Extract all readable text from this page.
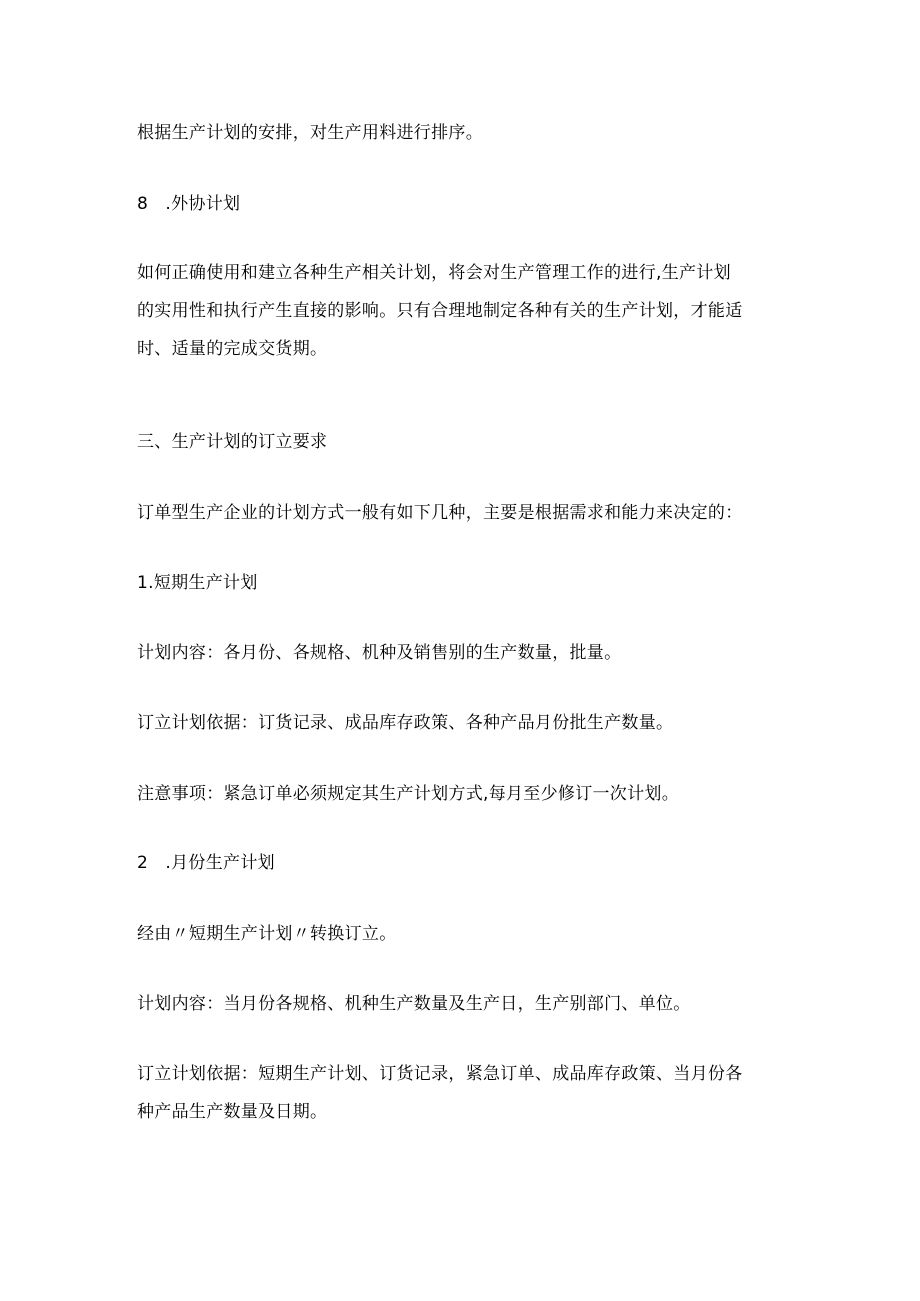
根据生产计划的安排，对生产用料进行排序。

8　.外协计划

如何正确使用和建立各种生产相关计划，将会对生产管理工作的进行,生产计划
的实用性和执行产生直接的影响。只有合理地制定各种有关的生产计划，才能适
时、适量的完成交货期。

三、生产计划的订立要求

订单型生产企业的计划方式一般有如下几种，主要是根据需求和能力来决定的：

1.短期生产计划

计划内容：各月份、各规格、机种及销售别的生产数量，批量。

订立计划依据：订货记录、成品库存政策、各种产品月份批生产数量。

注意事项：紧急订单必须规定其生产计划方式,每月至少修订一次计划。

2　.月份生产计划

经由〃短期生产计划〃转换订立。

计划内容：当月份各规格、机种生产数量及生产日，生产别部门、单位。

订立计划依据：短期生产计划、订货记录，紧急订单、成品库存政策、当月份各
种产品生产数量及日期。
